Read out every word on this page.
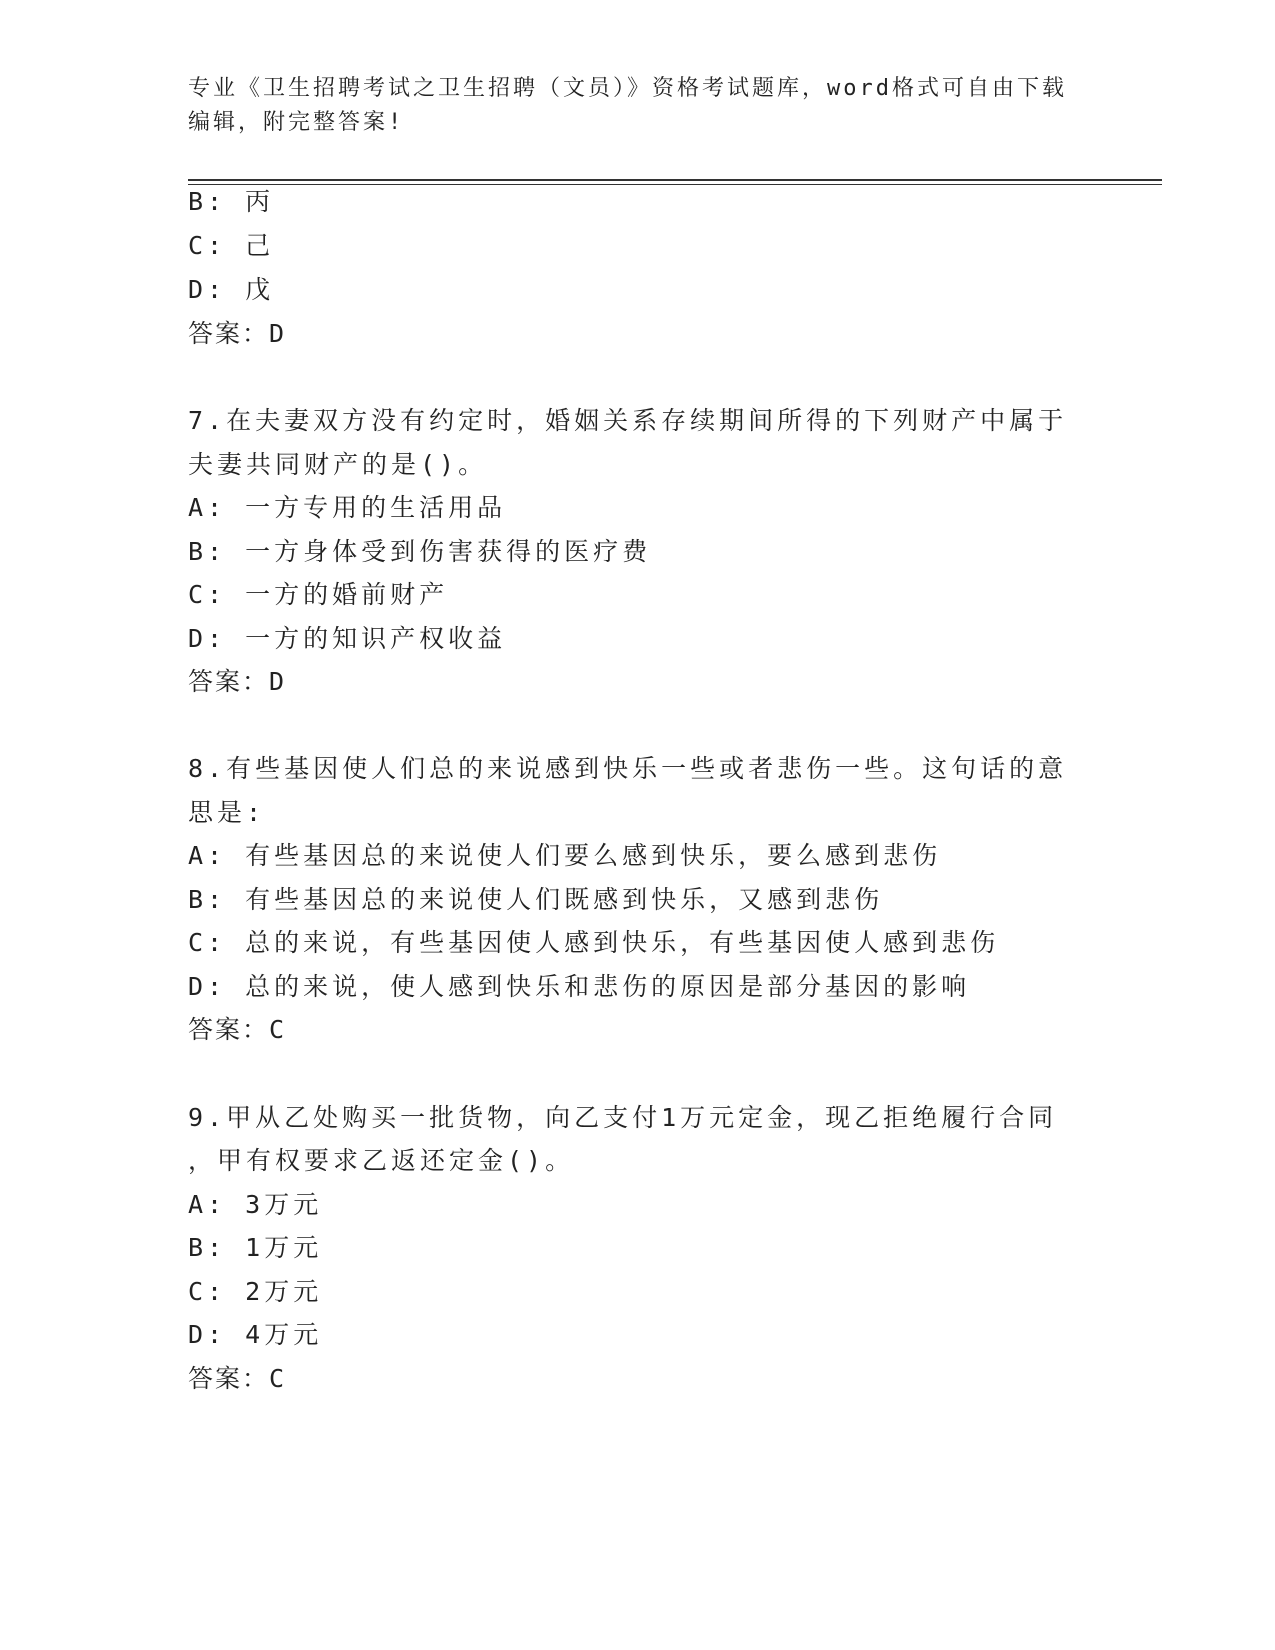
专业《卫生招聘考试之卫生招聘（文员）》资格考试题库，word格式可自由下载
编辑，附完整答案!
B: 丙
C: 己
D: 戊
答案：D
7.在夫妻双方没有约定时，婚姻关系存续期间所得的下列财产中属于
夫妻共同财产的是()。
A: 一方专用的生活用品
B: 一方身体受到伤害获得的医疗费
C: 一方的婚前财产
D: 一方的知识产权收益
答案：D
8.有些基因使人们总的来说感到快乐一些或者悲伤一些。这句话的意
思是:
A: 有些基因总的来说使人们要么感到快乐，要么感到悲伤
B: 有些基因总的来说使人们既感到快乐，又感到悲伤
C: 总的来说，有些基因使人感到快乐，有些基因使人感到悲伤
D: 总的来说，使人感到快乐和悲伤的原因是部分基因的影响
答案：C
9.甲从乙处购买一批货物，向乙支付1万元定金，现乙拒绝履行合同
，甲有权要求乙返还定金()。
A: 3万元
B: 1万元
C: 2万元
D: 4万元
答案：C
